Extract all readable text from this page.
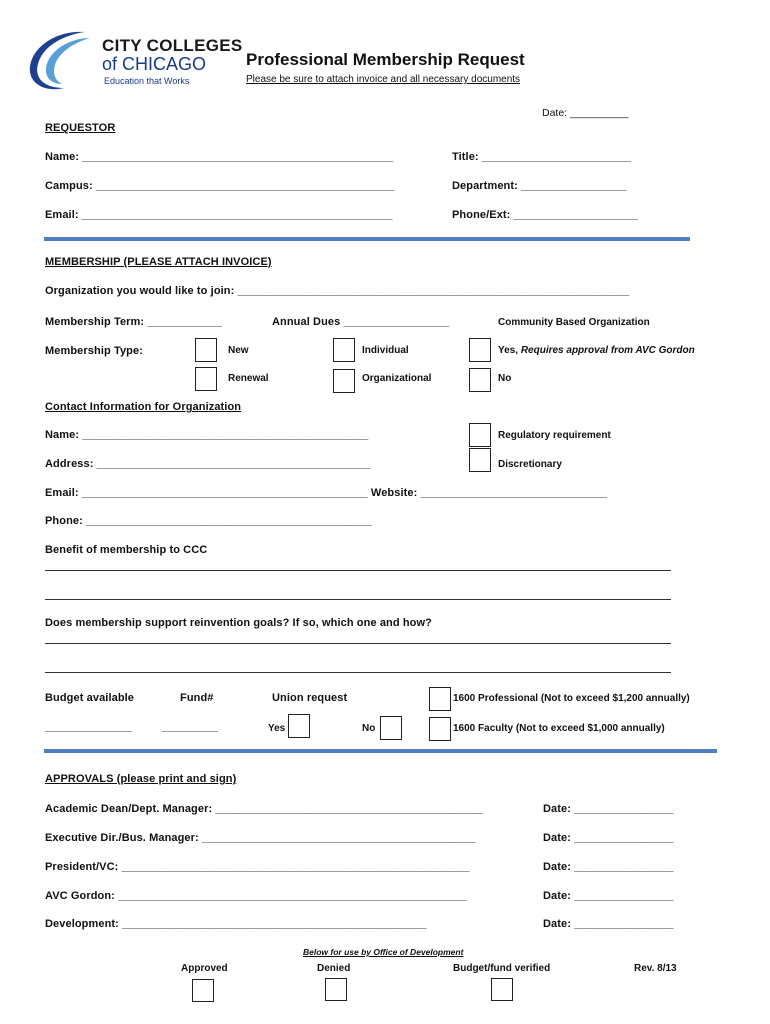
CITY COLLEGES
of CHICAGO
Education that Works
Professional Membership Request
Please be sure to attach invoice and all necessary documents
Date: __________
REQUESTOR
Name: __________________________________________________	Title: ________________________
Campus: ________________________________________________	Department: _________________
Email: __________________________________________________	Phone/Ext: ____________________
MEMBERSHIP (PLEASE ATTACH INVOICE)
Organization you would like to join: _______________________________________________________________
Membership Term: ____________	Annual Dues _________________	Community Based Organization
Membership Type:	New	Individual	Yes, Requires approval from AVC Gordon
Renewal	Organizational	No
Contact Information for Organization
Name: ______________________________________________	Regulatory requirement
Address: ____________________________________________	Discretionary
Email: ______________________________________________ Website: ______________________________
Phone: ______________________________________________
Benefit of membership to CCC
Does membership support reinvention goals? If so, which one and how?
Budget available	Fund#	Union request	1600 Professional (Not to exceed $1,200 annually)
______________	_________	Yes	No	1600 Faculty (Not to exceed $1,000 annually)
APPROVALS (please print and sign)
Academic Dean/Dept. Manager: ___________________________________________	Date: ________________
Executive Dir./Bus. Manager: ____________________________________________	Date: ________________
President/VC: ________________________________________________________	Date: ________________
AVC Gordon: ________________________________________________________	Date: ________________
Development: _________________________________________________	Date: ________________
Below for use by Office of Development
Approved	Denied	Budget/fund verified	Rev. 8/13
